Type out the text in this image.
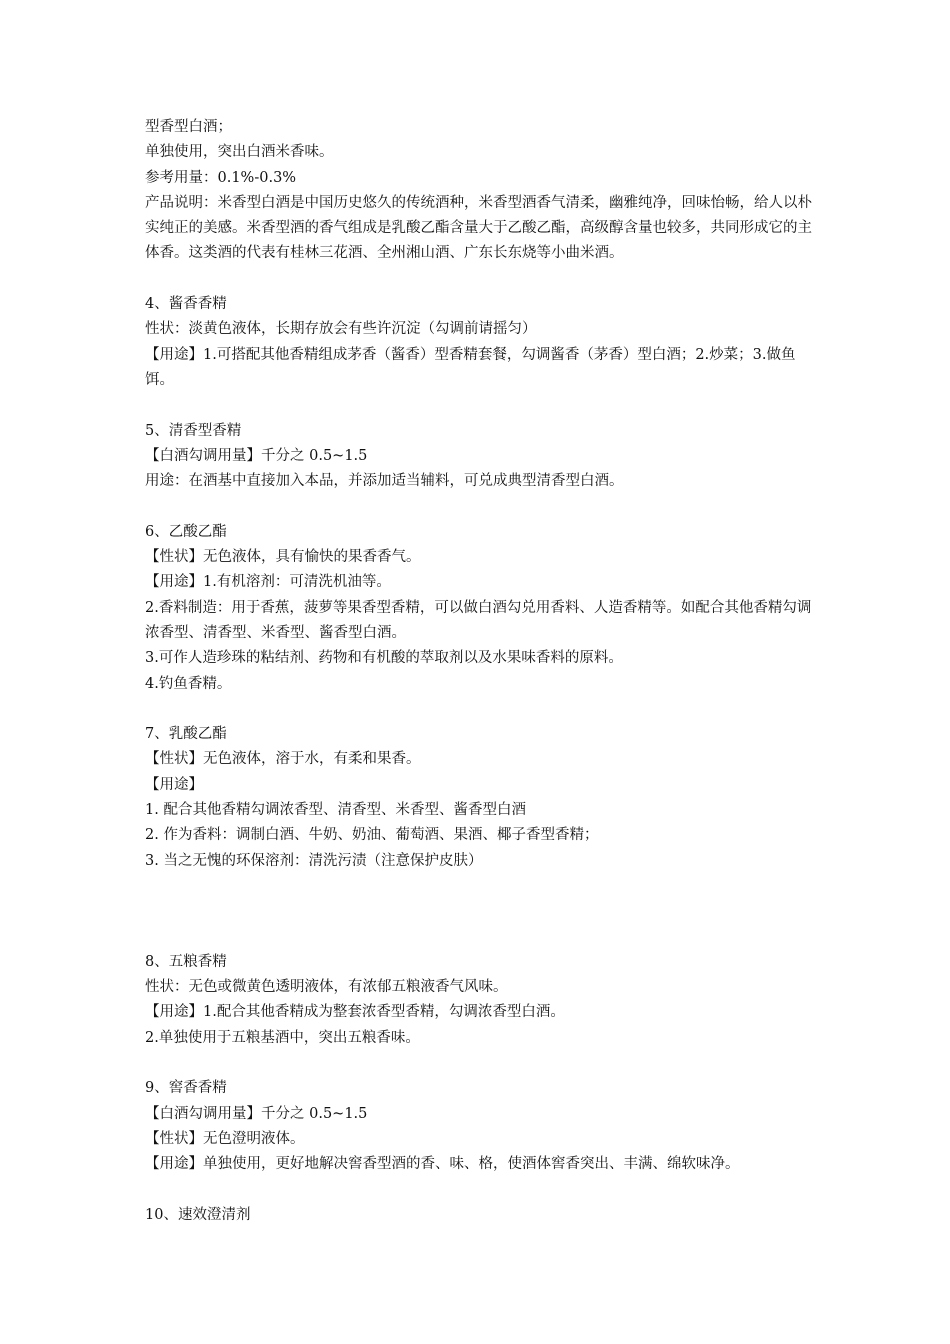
型香型白酒；
单独使用，突出白酒米香味。
参考用量：0.1%-0.3%

产品说明：米香型白酒是中国历史悠久的传统酒种，米香型酒香气清柔，幽雅纯净，回味怡畅，给人以朴实纯正的美感。米香型酒的香气组成是乳酸乙酯含量大于乙酸乙酯，高级醇含量也较多，共同形成它的主体香。这类酒的代表有桂林三花酒、全州湘山酒、广东长东烧等小曲米酒。

4、酱香香精
性状：淡黄色液体，长期存放会有些许沉淀（勾调前请摇匀）

【用途】1.可搭配其他香精组成茅香（酱香）型香精套餐，勾调酱香（茅香）型白酒；2.炒菜；3.做鱼饵。

5、清香型香精
【白酒勾调用量】千分之 0.5~1.5
用途：在酒基中直接加入本品，并添加适当辅料，可兑成典型清香型白酒。
6、乙酸乙酯
【性状】无色液体，具有愉快的果香香气。
【用途】1.有机溶剂：可清洗机油等。

2.香料制造：用于香蕉，菠萝等果香型香精，可以做白酒勾兑用香料、人造香精等。如配合其他香精勾调浓香型、清香型、米香型、酱香型白酒。

3.可作人造珍珠的粘结剂、药物和有机酸的萃取剂以及水果味香料的原料。
4.钓鱼香精。
7、乳酸乙酯
【性状】无色液体，溶于水，有柔和果香。
【用途】
1. 配合其他香精勾调浓香型、清香型、米香型、酱香型白酒
2. 作为香料：调制白酒、牛奶、奶油、葡萄酒、果酒、椰子香型香精；
3. 当之无愧的环保溶剂：清洗污渍（注意保护皮肤）
8、五粮香精
性状：无色或微黄色透明液体，有浓郁五粮液香气风味。
【用途】1.配合其他香精成为整套浓香型香精，勾调浓香型白酒。
2.单独使用于五粮基酒中，突出五粮香味。
9、窖香香精
【白酒勾调用量】千分之 0.5~1.5
【性状】无色澄明液体。
【用途】单独使用，更好地解决窖香型酒的香、味、格，使酒体窖香突出、丰满、绵软味净。
10、速效澄清剂
